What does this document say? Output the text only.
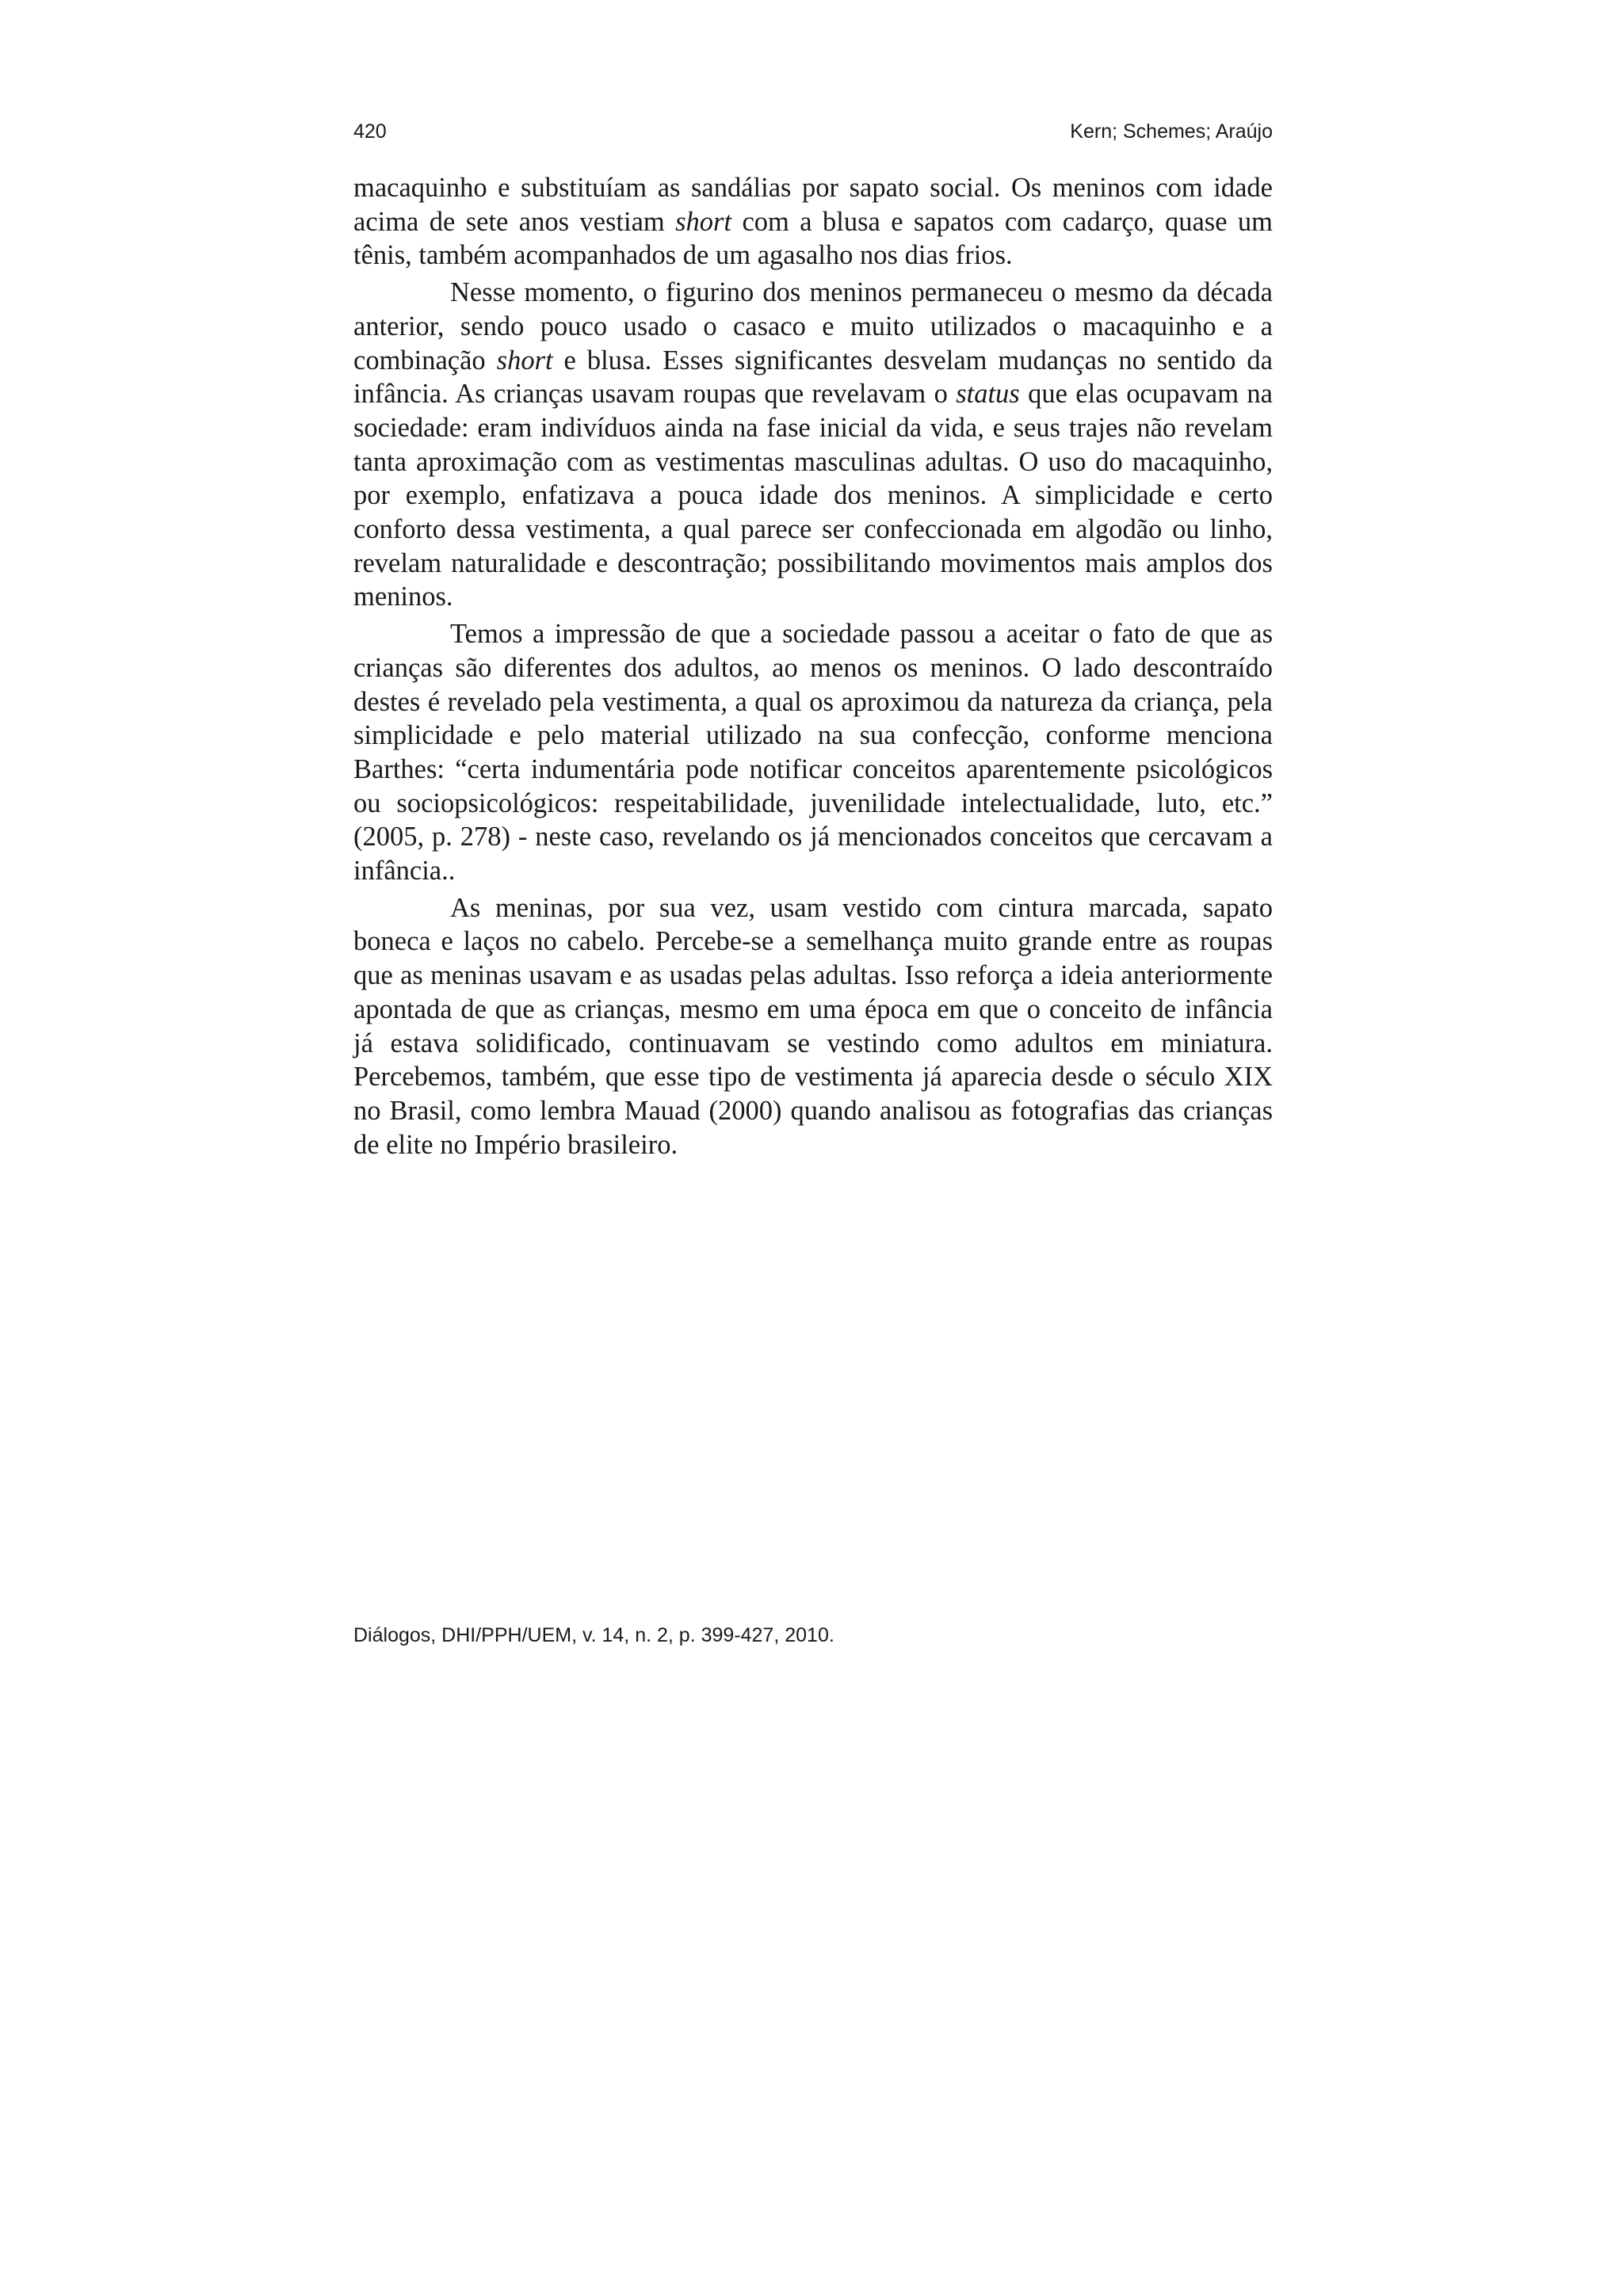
420	Kern; Schemes; Araújo

macaquinho e substituíam as sandálias por sapato social. Os meninos com idade acima de sete anos vestiam short com a blusa e sapatos com cadarço, quase um tênis, também acompanhados de um agasalho nos dias frios.

Nesse momento, o figurino dos meninos permaneceu o mesmo da década anterior, sendo pouco usado o casaco e muito utilizados o macaquinho e a combinação short e blusa. Esses significantes desvelam mudanças no sentido da infância. As crianças usavam roupas que revelavam o status que elas ocupavam na sociedade: eram indivíduos ainda na fase inicial da vida, e seus trajes não revelam tanta aproximação com as vestimentas masculinas adultas. O uso do macaquinho, por exemplo, enfatizava a pouca idade dos meninos. A simplicidade e certo conforto dessa vestimenta, a qual parece ser confeccionada em algodão ou linho, revelam naturalidade e descontração; possibilitando movimentos mais amplos dos meninos.

Temos a impressão de que a sociedade passou a aceitar o fato de que as crianças são diferentes dos adultos, ao menos os meninos. O lado descontraído destes é revelado pela vestimenta, a qual os aproximou da natureza da criança, pela simplicidade e pelo material utilizado na sua confecção, conforme menciona Barthes: “certa indumentária pode notificar conceitos aparentemente psicológicos ou sociopsicológicos: respeitabilidade, juvenilidade intelectualidade, luto, etc.” (2005, p. 278) - neste caso, revelando os já mencionados conceitos que cercavam a infância..

As meninas, por sua vez, usam vestido com cintura marcada, sapato boneca e laços no cabelo. Percebe-se a semelhança muito grande entre as roupas que as meninas usavam e as usadas pelas adultas. Isso reforça a ideia anteriormente apontada de que as crianças, mesmo em uma época em que o conceito de infância já estava solidificado, continuavam se vestindo como adultos em miniatura. Percebemos, também, que esse tipo de vestimenta já aparecia desde o século XIX no Brasil, como lembra Mauad (2000) quando analisou as fotografias das crianças de elite no Império brasileiro.

Diálogos, DHI/PPH/UEM, v. 14, n. 2, p. 399-427, 2010.
